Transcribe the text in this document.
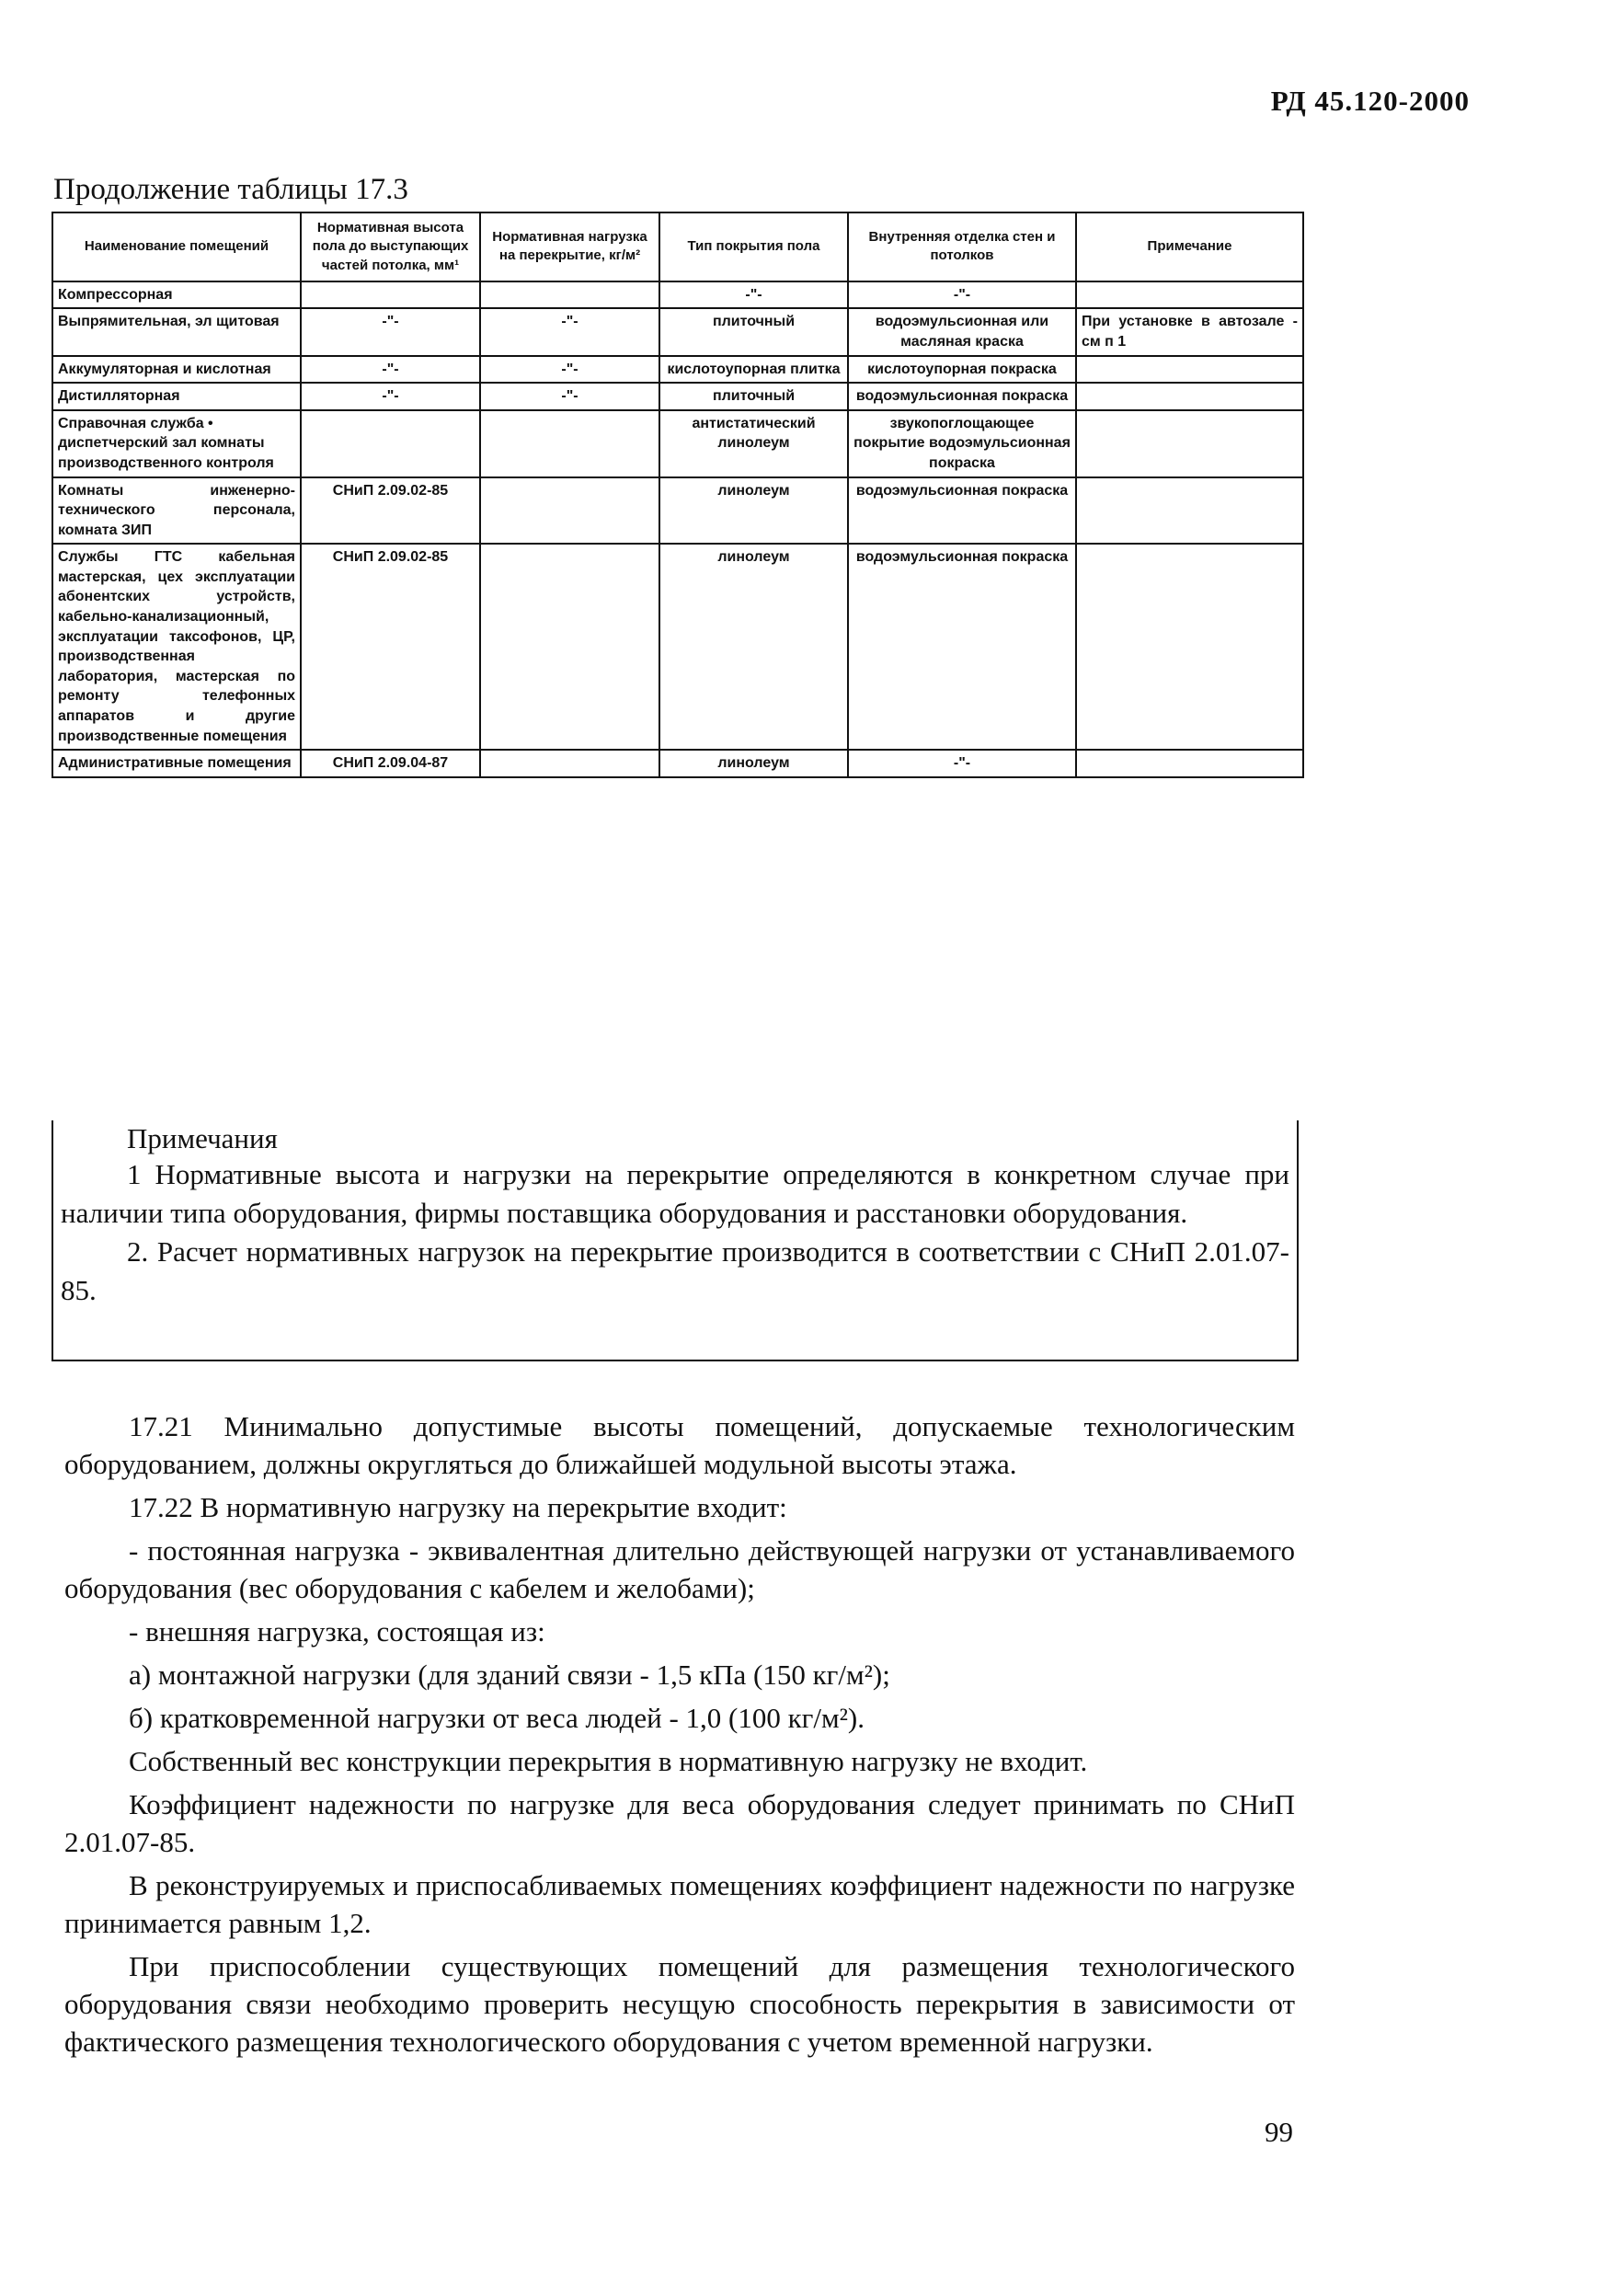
РД 45.120-2000
Продолжение таблицы 17.3
Наименование помещений	Нормативная высота пола до выступающих частей потолка, мм¹	Нормативная нагрузка на перекрытие, кг/м²	Тип покрытия пола	Внутренняя отделка стен и потолков	Примечание
Компрессорная			-"-	-"-	
Выпрямительная, эл щитовая	-"-	-"-	плиточный	водоэмульсионная или масляная краска	При установке в автозале - см п 1
Аккумуляторная и кислотная	-"-	-"-	кислотоупорная плитка	кислотоупорная покраска	
Дистилляторная	-"-	-"-	плиточный	водоэмульсионная покраска	
Справочная служба • диспетчерский зал комнаты производственного контроля			антистатический линолеум	звукопоглощающее покрытие водоэмульсионная покраска	
Комнаты инженерно-технического персонала, комната ЗИП	СНиП 2.09.02-85		линолеум	водоэмульсионная покраска	
Службы ГТС кабельная мастерская, цех эксплуатации абонентских устройств, кабельно-канализационный, эксплуатации таксофонов, ЦР, производственная лаборатория, мастерская по ремонту телефонных аппаратов и другие производственные помещения	СНиП 2.09.02-85		линолеум	водоэмульсионная покраска	
Административные помещения	СНиП 2.09.04-87		линолеум	-"-	
Примечания

1 Нормативные высота и нагрузки на перекрытие определяются в конкретном случае при наличии типа оборудования, фирмы поставщика оборудования и расстановки оборудования.

2. Расчет нормативных нагрузок на перекрытие производится в соответствии с СНиП 2.01.07-85.

17.21 Минимально допустимые высоты помещений, допускаемые технологическим оборудованием, должны округляться до ближайшей модульной высоты этажа.

17.22 В нормативную нагрузку на перекрытие входит:

- постоянная нагрузка - эквивалентная длительно действующей нагрузки от устанавливаемого оборудования (вес оборудования с кабелем и желобами);

- внешняя нагрузка, состоящая из:

а) монтажной нагрузки (для зданий связи - 1,5 кПа (150 кг/м²);

б) кратковременной нагрузки от веса людей - 1,0 (100 кг/м²).

Собственный вес конструкции перекрытия в нормативную нагрузку не входит.

Коэффициент надежности по нагрузке для веса оборудования следует принимать по СНиП 2.01.07-85.

В реконструируемых и приспосабливаемых помещениях коэффициент надежности по нагрузке принимается равным 1,2.

При приспособлении существующих помещений для размещения технологического оборудования связи необходимо проверить несущую способность перекрытия в зависимости от фактического размещения технологического оборудования с учетом временной нагрузки.

99
